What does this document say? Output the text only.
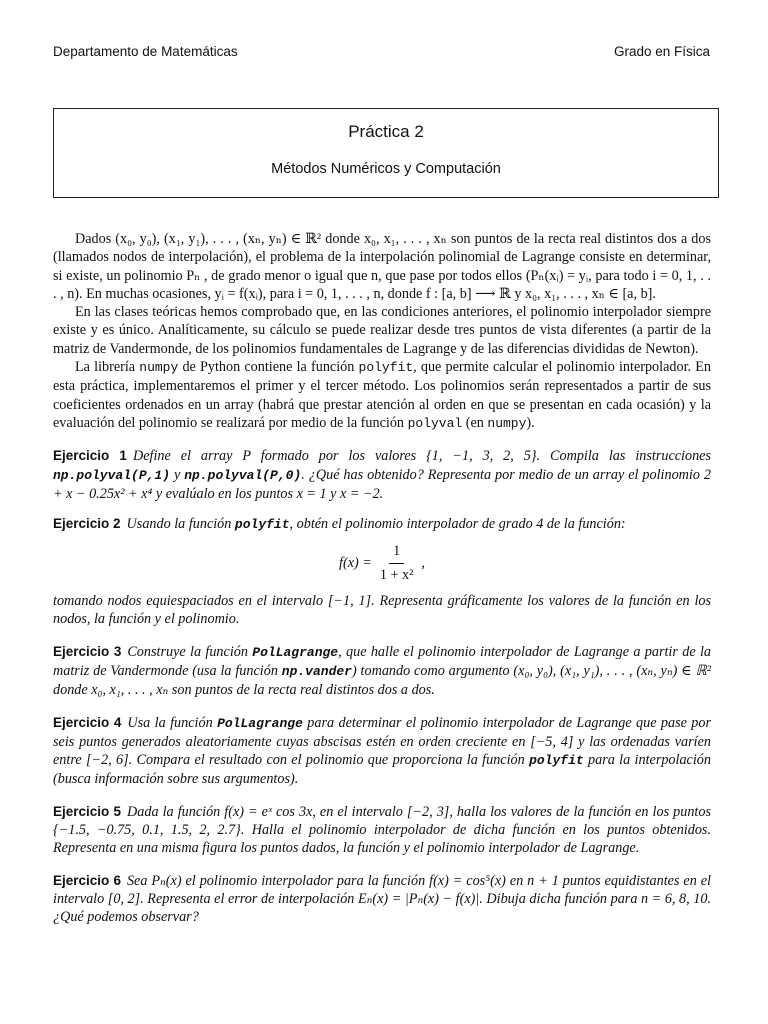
Departamento de Matemáticas	Grado en Física
Práctica 2
Métodos Numéricos y Computación

Dados (x₀, y₀), (x₁, y₁), . . . , (xₙ, yₙ) ∈ ℝ² donde x₀, x₁, . . . , xₙ son puntos de la recta real distintos dos a dos (llamados nodos de interpolación), el problema de la interpolación polinomial de Lagrange consiste en determinar, si existe, un polinomio Pₙ , de grado menor o igual que n, que pase por todos ellos (Pₙ(xᵢ) = yᵢ, para todo i = 0, 1, . . . , n). En muchas ocasiones, yᵢ = f(xᵢ), para i = 0, 1, . . . , n, donde f : [a, b] ⟶ ℝ y x₀, x₁, . . . , xₙ ∈ [a, b].

En las clases teóricas hemos comprobado que, en las condiciones anteriores, el polinomio interpolador siempre existe y es único. Analíticamente, su cálculo se puede realizar desde tres puntos de vista diferentes (a partir de la matriz de Vandermonde, de los polinomios fundamentales de Lagrange y de las diferencias divididas de Newton).

La librería numpy de Python contiene la función polyfit, que permite calcular el polinomio interpolador. En esta práctica, implementaremos el primer y el tercer método. Los polinomios serán representados a partir de sus coeficientes ordenados en un array (habrá que prestar atención al orden en que se presentan en cada ocasión) y la evaluación del polinomio se realizará por medio de la función polyval (en numpy).

Ejercicio 1 Define el array P formado por los valores {1, −1, 3, 2, 5}. Compila las instrucciones np.polyval(P,1) y np.polyval(P,0). ¿Qué has obtenido? Representa por medio de un array el polinomio 2 + x − 0.25x² + x⁴ y evalúalo en los puntos x = 1 y x = −2.

Ejercicio 2 Usando la función polyfit, obtén el polinomio interpolador de grado 4 de la función:

$f(x) = \frac{1}{\text{1 + x²}}$ ,

tomando nodos equiespaciados en el intervalo [−1, 1]. Representa gráficamente los valores de la función en los nodos, la función y el polinomio.

Ejercicio 3 Construye la función PolLagrange, que halle el polinomio interpolador de Lagrange a partir de la matriz de Vandermonde (usa la función np.vander) tomando como argumento (x₀, y₀), (x₁, y₁), . . . , (xₙ, yₙ) ∈ ℝ² donde x₀, x₁, . . . , xₙ son puntos de la recta real distintos dos a dos.

Ejercicio 4 Usa la función PolLagrange para determinar el polinomio interpolador de Lagrange que pase por seis puntos generados aleatoriamente cuyas abscisas estén en orden creciente en [−5, 4] y las ordenadas varíen entre [−2, 6]. Compara el resultado con el polinomio que proporciona la función polyfit para la interpolación (busca información sobre sus argumentos).

Ejercicio 5 Dada la función f(x) = eˣ cos 3x, en el intervalo [−2, 3], halla los valores de la función en los puntos {−1.5, −0.75, 0.1, 1.5, 2, 2.7}. Halla el polinomio interpolador de dicha función en los puntos obtenidos. Representa en una misma figura los puntos dados, la función y el polinomio interpolador de Lagrange.

Ejercicio 6 Sea Pₙ(x) el polinomio interpolador para la función f(x) = cos⁵(x) en n + 1 puntos equidistantes en el intervalo [0, 2]. Representa el error de interpolación Eₙ(x) = |Pₙ(x) − f(x)|. Dibuja dicha función para n = 6, 8, 10. ¿Qué podemos observar?
